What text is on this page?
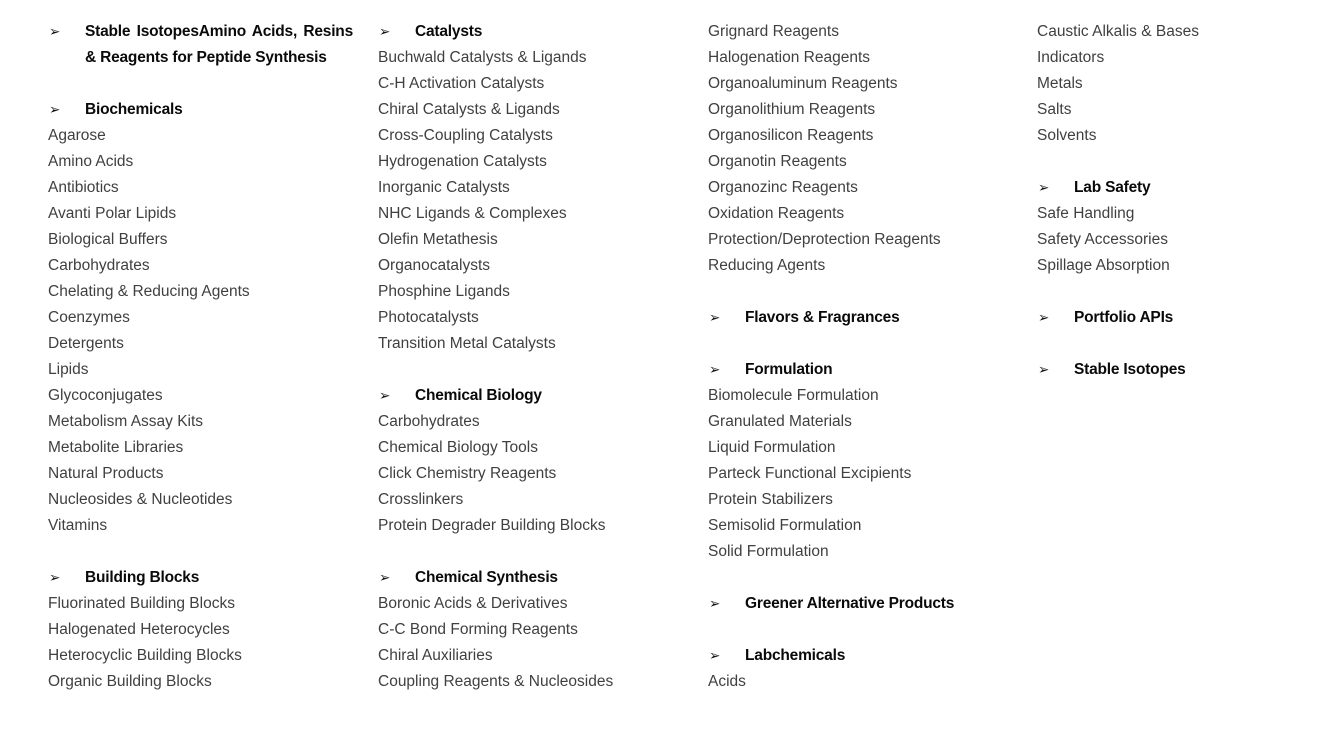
➢ Stable IsotopesAmino Acids, Resins & Reagents for Peptide Synthesis
➢ Biochemicals
Agarose
Amino Acids
Antibiotics
Avanti Polar Lipids
Biological Buffers
Carbohydrates
Chelating & Reducing Agents
Coenzymes
Detergents
Lipids
Glycoconjugates
Metabolism Assay Kits
Metabolite Libraries
Natural Products
Nucleosides & Nucleotides
Vitamins
➢ Building Blocks
Fluorinated Building Blocks
Halogenated Heterocycles
Heterocyclic Building Blocks
Organic Building Blocks
➢ Catalysts
Buchwald Catalysts & Ligands
C-H Activation Catalysts
Chiral Catalysts & Ligands
Cross-Coupling Catalysts
Hydrogenation Catalysts
Inorganic Catalysts
NHC Ligands & Complexes
Olefin Metathesis
Organocatalysts
Phosphine Ligands
Photocatalysts
Transition Metal Catalysts
➢ Chemical Biology
Carbohydrates
Chemical Biology Tools
Click Chemistry Reagents
Crosslinkers
Protein Degrader Building Blocks
➢ Chemical Synthesis
Boronic Acids & Derivatives
C-C Bond Forming Reagents
Chiral Auxiliaries
Coupling Reagents & Nucleosides
Grignard Reagents
Halogenation Reagents
Organoaluminum Reagents
Organolithium Reagents
Organosilicon Reagents
Organotin Reagents
Organozinc Reagents
Oxidation Reagents
Protection/Deprotection Reagents
Reducing Agents
➢ Flavors & Fragrances
➢ Formulation
Biomolecule Formulation
Granulated Materials
Liquid Formulation
Parteck Functional Excipients
Protein Stabilizers
Semisolid Formulation
Solid Formulation
➢ Greener Alternative Products
➢ Labchemicals
Acids
Caustic Alkalis & Bases
Indicators
Metals
Salts
Solvents
➢ Lab Safety
Safe Handling
Safety Accessories
Spillage Absorption
➢ Portfolio APIs
➢ Stable Isotopes
